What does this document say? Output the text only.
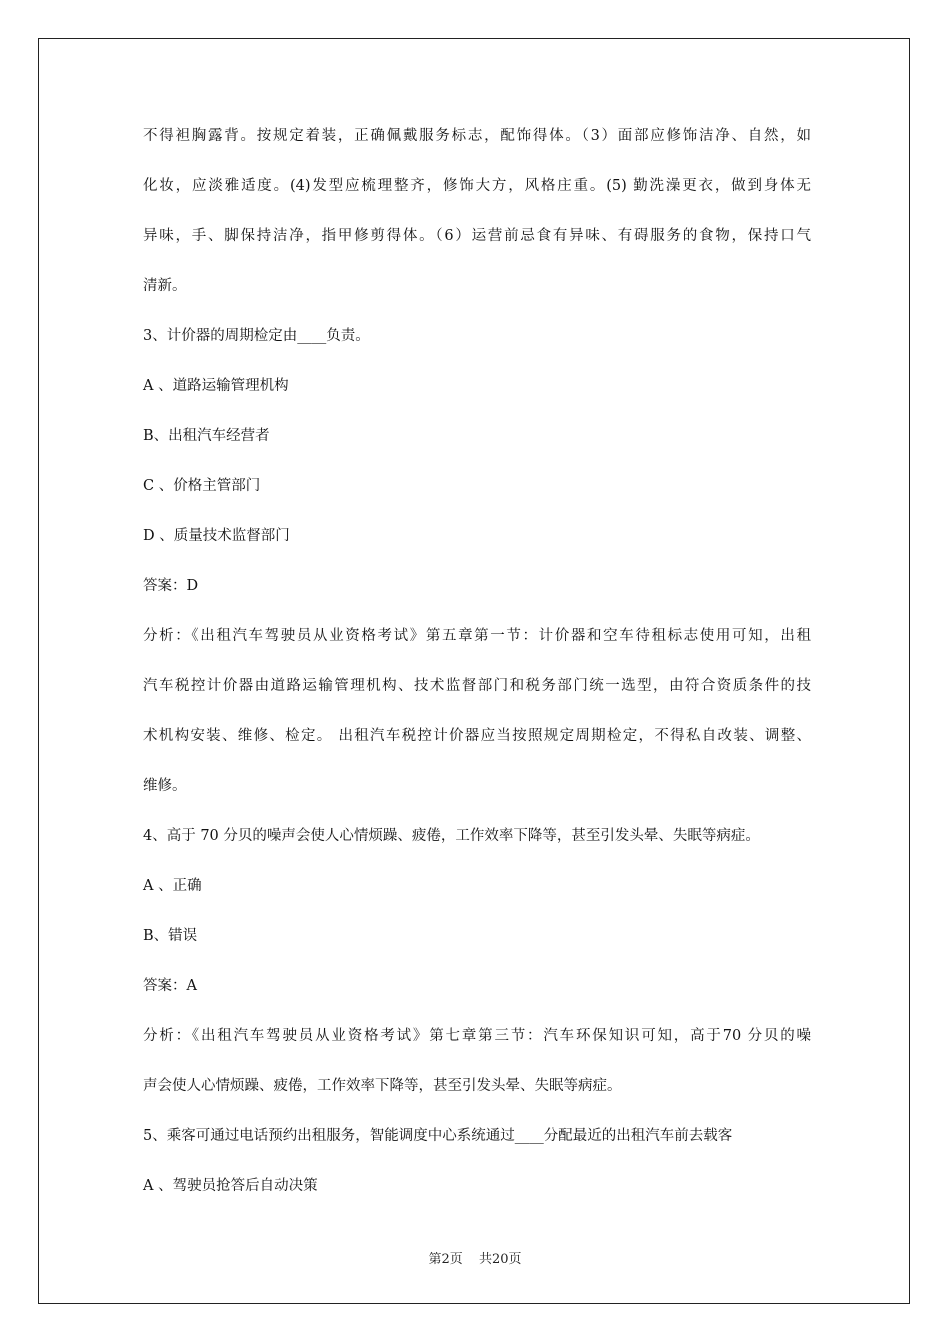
不得袒胸露背。按规定着装，正确佩戴服务标志，配饰得体。（3）面部应修饰洁净、自然，如

化妆，应淡雅适度。(4)发型应梳理整齐，修饰大方，风格庄重。(5) 勤洗澡更衣，做到身体无

异味，手、脚保持洁净，指甲修剪得体。（6）运营前忌食有异味、有碍服务的食物，保持口气

清新。

3、计价器的周期检定由____负责。

A 、道路运输管理机构

B、出租汽车经营者

C 、价格主管部门

D 、质量技术监督部门

答案：D

分析：《出租汽车驾驶员从业资格考试》第五章第一节：计价器和空车待租标志使用可知，出租

汽车税控计价器由道路运输管理机构、技术监督部门和税务部门统一选型，由符合资质条件的技

术机构安装、维修、检定。 出租汽车税控计价器应当按照规定周期检定，不得私自改装、调整、

维修。

4、高于 70 分贝的噪声会使人心情烦躁、疲倦，工作效率下降等，甚至引发头晕、失眠等病症。

A 、正确

B、错误

答案：A

分析：《出租汽车驾驶员从业资格考试》第七章第三节：汽车环保知识可知，高于70 分贝的噪

声会使人心情烦躁、疲倦，工作效率下降等，甚至引发头晕、失眠等病症。

5、乘客可通过电话预约出租服务，智能调度中心系统通过____分配最近的出租汽车前去载客

A 、驾驶员抢答后自动决策

第2页 共20页
